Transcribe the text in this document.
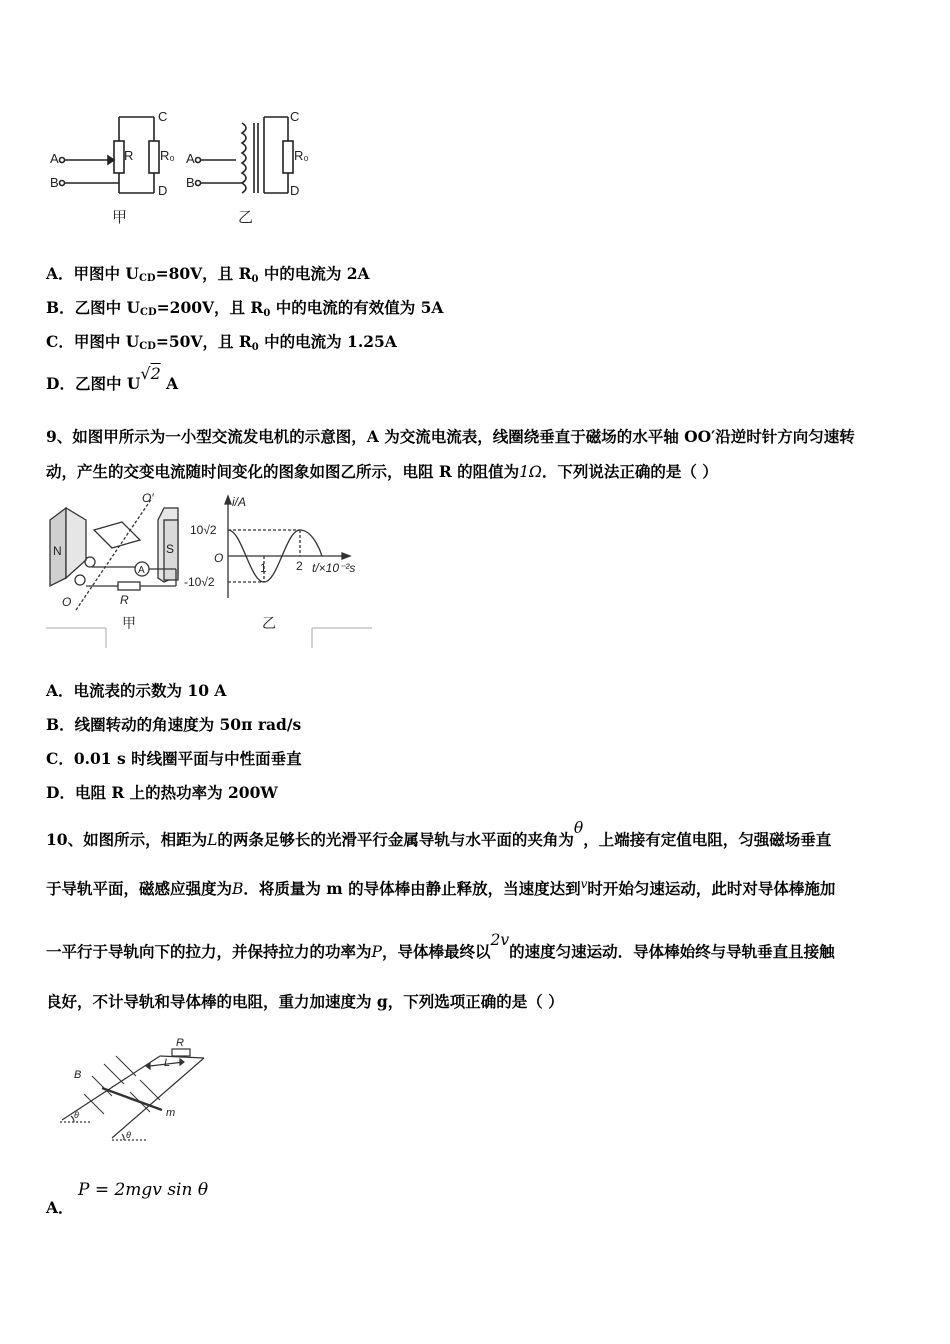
A
B
R
C
D
R₀ A
B
C
D
R₀
甲	乙
A．甲图中 $U_{CD}=80V$，且 R0 中的电流为 2A
B．乙图中 $U_{CD}=200V$，且 R0 中的电流的有效值为 5A
C．甲图中 $U_{CD}=50V$，且 R0 中的电流为 1.25A
D．乙图中 U√2 A
9、如图甲所示为一小型交流发电机的示意图，A 为交流电流表，线圈绕垂直于磁场的水平轴 OO′沿逆时针方向匀速转
动，产生的交变电流随时间变化的图象如图乙所示，电阻 R 的阻值为1Ω．下列说法正确的是（ ）
N	S
O′
O
A
R
i/A
10√2
-10√2
O
1 2 t/×10⁻²s
甲	乙
A．电流表的示数为 10 A
B．线圈转动的角速度为 50π rad/s
C．0.01 s 时线圈平面与中性面垂直
D．电阻 R 上的热功率为 200W
10、如图所示，相距为L的两条足够长的光滑平行金属导轨与水平面的夹角为θ，上端接有定值电阻，匀强磁场垂直
于导轨平面，磁感应强度为B．将质量为 m 的导体棒由静止释放，当速度达到$^v$时开始匀速运动，此时对导体棒施加
一平行于导轨向下的拉力，并保持拉力的功率为P，导体棒最终以2v的速度匀速运动．导体棒始终与导轨垂直且接触
良好，不计导轨和导体棒的电阻，重力加速度为 g，下列选项正确的是（ ）
B
L
R
m
θ
θ
A．
P = 2mgv sin θ
